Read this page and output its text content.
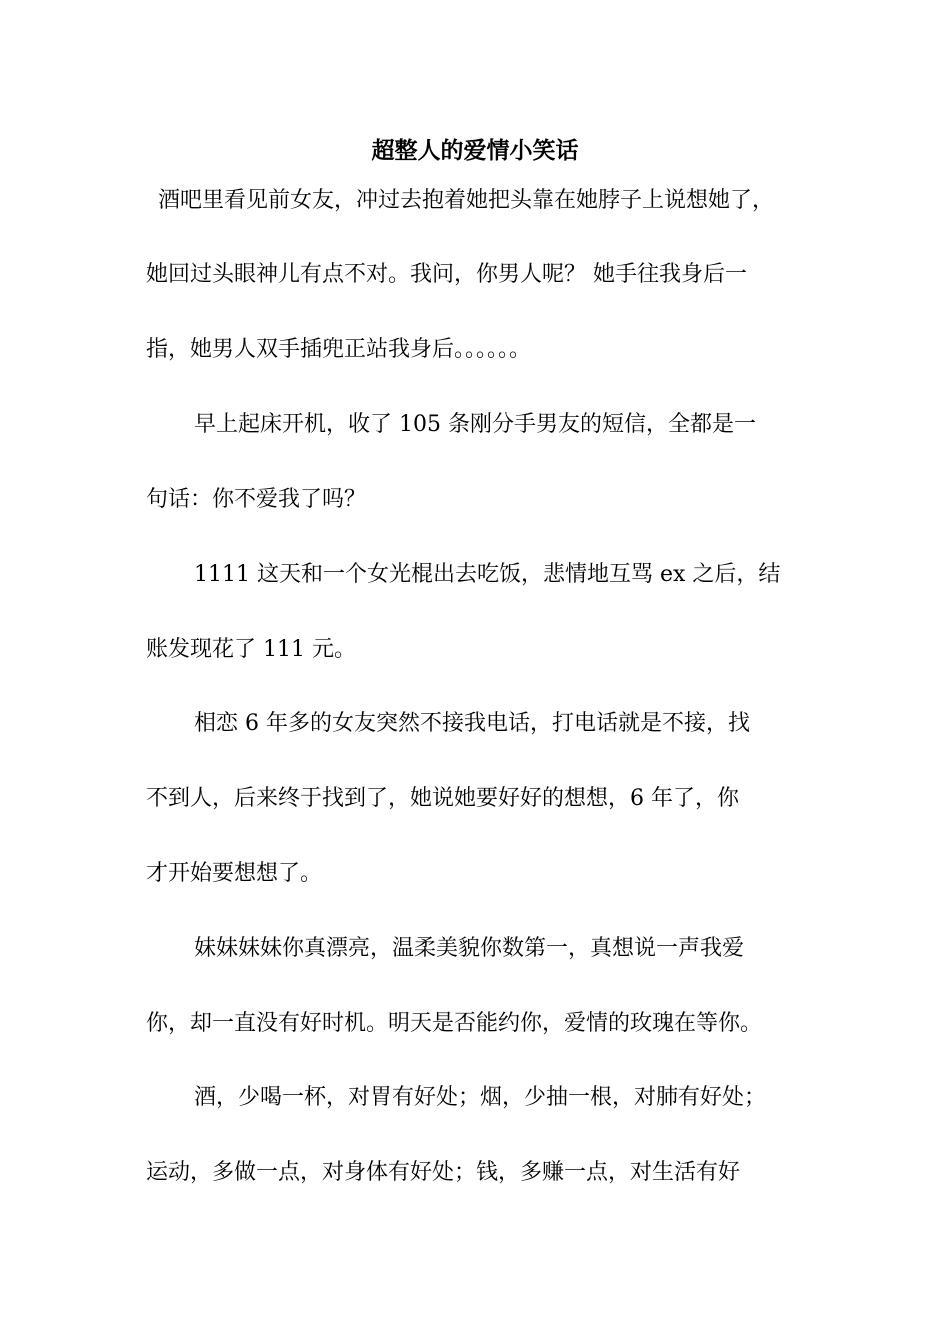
超整人的爱情小笑话

酒吧里看见前女友，冲过去抱着她把头靠在她脖子上说想她了，

她回过头眼神儿有点不对。我问，你男人呢？ 她手往我身后一

指，她男人双手插兜正站我身后。。。。。。

早上起床开机，收了 105 条刚分手男友的短信，全都是一

句话：你不爱我了吗？

1111 这天和一个女光棍出去吃饭，悲情地互骂 ex 之后，结

账发现花了 111 元。

相恋 6 年多的女友突然不接我电话，打电话就是不接，找

不到人，后来终于找到了，她说她要好好的想想，6 年了，你

才开始要想想了。

妹妹妹妹你真漂亮，温柔美貌你数第一，真想说一声我爱

你，却一直没有好时机。明天是否能约你，爱情的玫瑰在等你。

酒，少喝一杯，对胃有好处；烟，少抽一根，对肺有好处；

运动，多做一点，对身体有好处；钱，多赚一点，对生活有好
